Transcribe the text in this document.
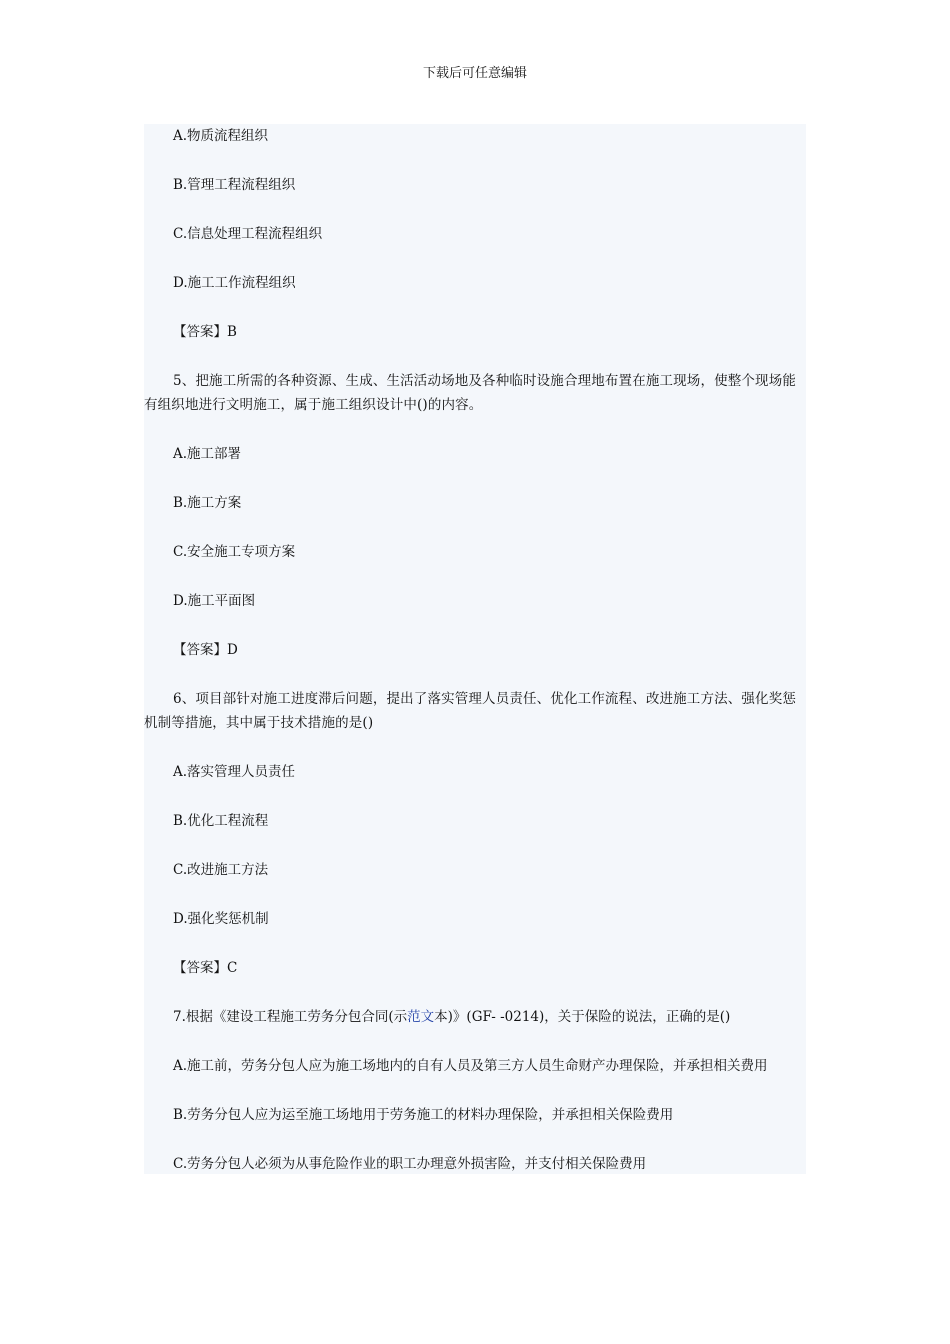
下载后可任意编辑
A.物质流程组织
B.管理工程流程组织
C.信息处理工程流程组织
D.施工工作流程组织
【答案】B
5、把施工所需的各种资源、生成、生活活动场地及各种临时设施合理地布置在施工现场，使整个现场能有组织地进行文明施工，属于施工组织设计中()的内容。
A.施工部署
B.施工方案
C.安全施工专项方案
D.施工平面图
【答案】D
6、项目部针对施工进度滞后问题，提出了落实管理人员责任、优化工作流程、改进施工方法、强化奖惩机制等措施，其中属于技术措施的是()
A.落实管理人员责任
B.优化工程流程
C.改进施工方法
D.强化奖惩机制
【答案】C
7.根据《建设工程施工劳务分包合同(示范文本)》(GF- -0214)，关于保险的说法，正确的是()
A.施工前，劳务分包人应为施工场地内的自有人员及第三方人员生命财产办理保险，并承担相关费用
B.劳务分包人应为运至施工场地用于劳务施工的材料办理保险，并承担相关保险费用
C.劳务分包人必须为从事危险作业的职工办理意外损害险，并支付相关保险费用
